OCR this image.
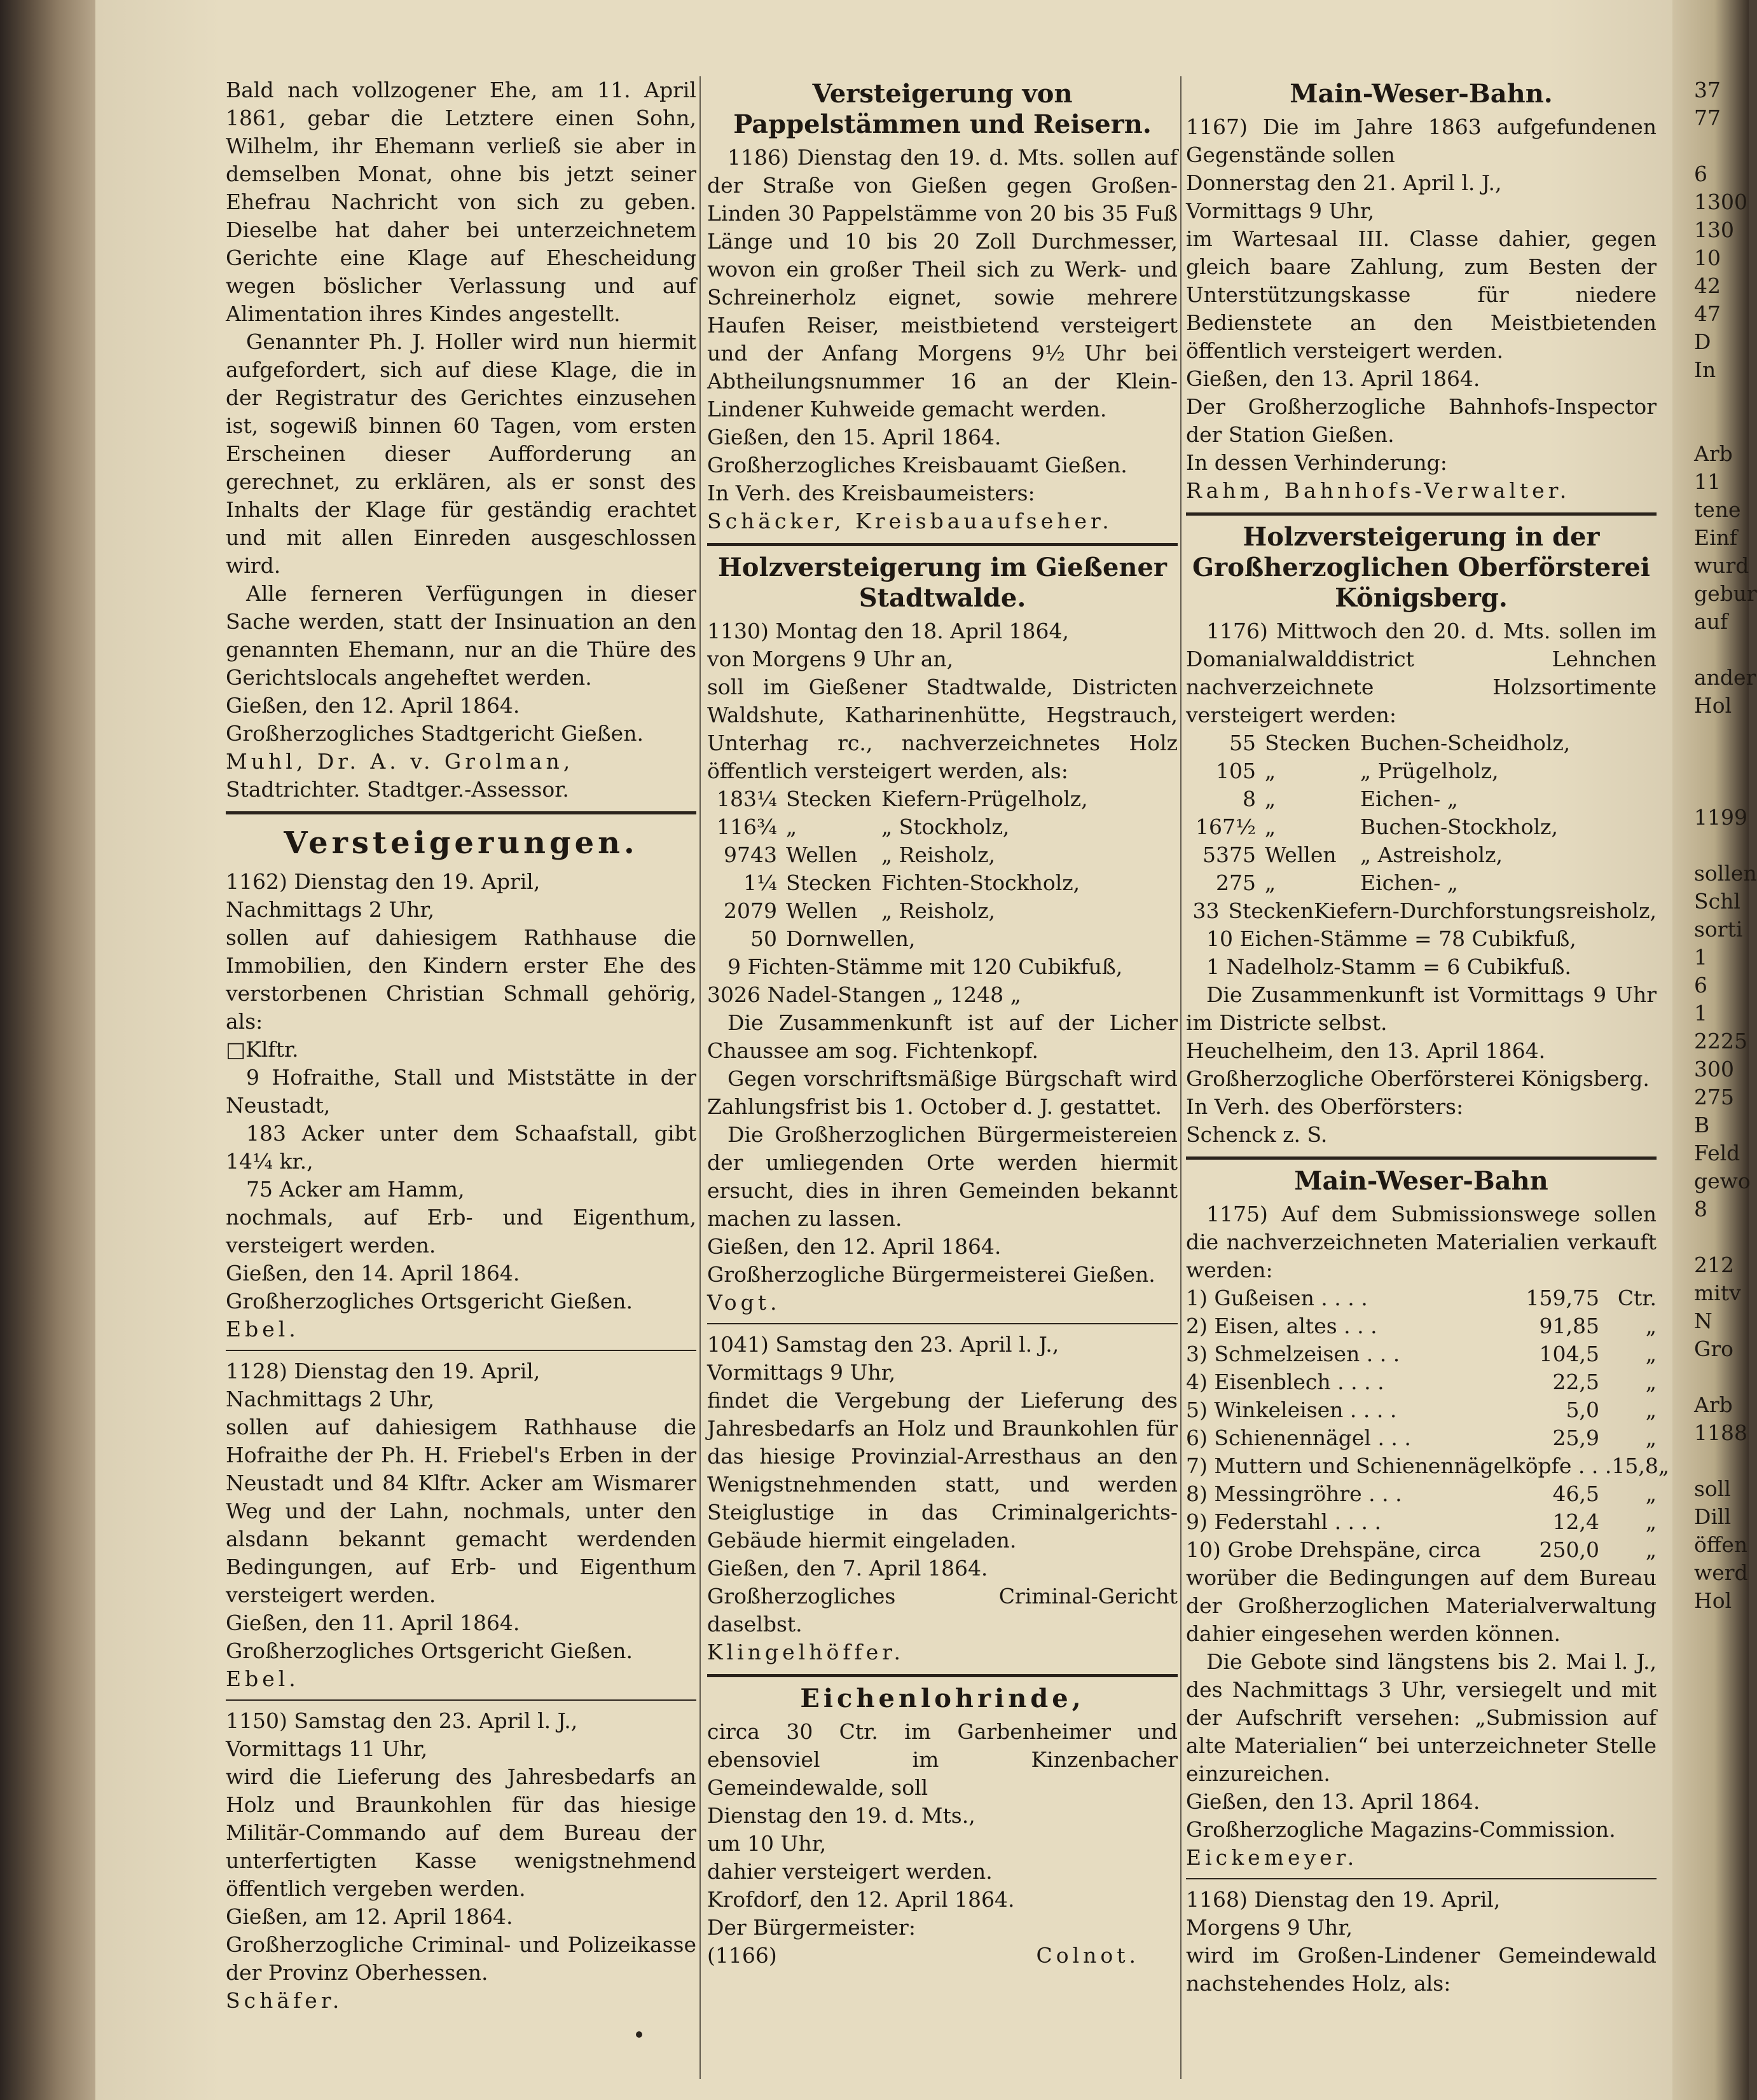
Bald nach vollzogener Ehe, am 11. April 1861, gebar die Letztere einen Sohn, Wilhelm, ihr Ehemann verließ sie aber in demselben Monat, ohne bis jetzt seiner Ehefrau Nachricht von sich zu geben. Dieselbe hat daher bei unterzeichnetem Gerichte eine Klage auf Ehescheidung wegen böslicher Verlassung und auf Alimentation ihres Kindes angestellt.

Genannter Ph. J. Holler wird nun hiermit aufgefordert, sich auf diese Klage, die in der Registratur des Gerichtes einzusehen ist, sogewiß binnen 60 Tagen, vom ersten Erscheinen dieser Aufforderung an gerechnet, zu erklären, als er sonst des Inhalts der Klage für geständig erachtet und mit allen Einreden ausgeschlossen wird.

Alle ferneren Verfügungen in dieser Sache werden, statt der Insinuation an den genannten Ehemann, nur an die Thüre des Gerichtslocals angeheftet werden.

Gießen, den 12. April 1864.

Großherzogliches Stadtgericht Gießen.

Muhl, Dr. A. v. Grolman,

Stadtrichter. Stadtger.-Assessor.

Versteigerungen.

1162) Dienstag den 19. April,

Nachmittags 2 Uhr,

sollen auf dahiesigem Rathhause die Immobilien, den Kindern erster Ehe des verstorbenen Christian Schmall gehörig, als:

□Klftr.

9 Hofraithe, Stall und Miststätte in der Neustadt,

183 Acker unter dem Schaafstall, gibt 14¼ kr.,

75 Acker am Hamm,

nochmals, auf Erb- und Eigenthum, versteigert werden.

Gießen, den 14. April 1864.

Großherzogliches Ortsgericht Gießen.

Ebel.

1128) Dienstag den 19. April,

Nachmittags 2 Uhr,

sollen auf dahiesigem Rathhause die Hofraithe der Ph. H. Friebel's Erben in der Neustadt und 84 Klftr. Acker am Wismarer Weg und der Lahn, nochmals, unter den alsdann bekannt gemacht werdenden Bedingungen, auf Erb- und Eigenthum versteigert werden.

Gießen, den 11. April 1864.

Großherzogliches Ortsgericht Gießen.

Ebel.

1150) Samstag den 23. April l. J.,

Vormittags 11 Uhr,

wird die Lieferung des Jahresbedarfs an Holz und Braunkohlen für das hiesige Militär-Commando auf dem Bureau der unterfertigten Kasse wenigstnehmend öffentlich vergeben werden.

Gießen, am 12. April 1864.

Großherzogliche Criminal- und Polizeikasse der Provinz Oberhessen.

Schäfer.

Versteigerung von Pappelstämmen und Reisern.

1186) Dienstag den 19. d. Mts. sollen auf der Straße von Gießen gegen Großen-Linden 30 Pappelstämme von 20 bis 35 Fuß Länge und 10 bis 20 Zoll Durchmesser, wovon ein großer Theil sich zu Werk- und Schreinerholz eignet, sowie mehrere Haufen Reiser, meistbietend versteigert und der Anfang Morgens 9½ Uhr bei Abtheilungsnummer 16 an der Klein-Lindener Kuhweide gemacht werden.

Gießen, den 15. April 1864.

Großherzogliches Kreisbauamt Gießen.

In Verh. des Kreisbaumeisters:

Schäcker, Kreisbauaufseher.

Holzversteigerung im Gießener Stadtwalde.

1130) Montag den 18. April 1864,

von Morgens 9 Uhr an,

soll im Gießener Stadtwalde, Districten Waldshute, Katharinenhütte, Hegstrauch, Unterhag rc., nachverzeichnetes Holz öffentlich versteigert werden, als:

183¼ Stecken Kiefern-Prügelholz,
116¾ „	„ Stockholz,
9743 Wellen	„ Reisholz,
1¼ Stecken Fichten-Stockholz,
2079 Wellen	„ Reisholz,
50 Dornwellen,

9 Fichten-Stämme mit 120 Cubikfuß,

3026 Nadel-Stangen „ 1248 „

Die Zusammenkunft ist auf der Licher Chaussee am sog. Fichtenkopf.

Gegen vorschriftsmäßige Bürgschaft wird Zahlungsfrist bis 1. October d. J. gestattet.

Die Großherzoglichen Bürgermeistereien der umliegenden Orte werden hiermit ersucht, dies in ihren Gemeinden bekannt machen zu lassen.

Gießen, den 12. April 1864.

Großherzogliche Bürgermeisterei Gießen.

Vogt.

1041) Samstag den 23. April l. J.,

Vormittags 9 Uhr,

findet die Vergebung der Lieferung des Jahresbedarfs an Holz und Braunkohlen für das hiesige Provinzial-Arresthaus an den Wenigstnehmenden statt, und werden Steiglustige in das Criminalgerichts-Gebäude hiermit eingeladen.

Gießen, den 7. April 1864.

Großherzogliches Criminal-Gericht daselbst.

Klingelhöffer.

Eichenlohrinde,

circa 30 Ctr. im Garbenheimer und ebensoviel im Kinzenbacher Gemeindewalde, soll

Dienstag den 19. d. Mts.,

um 10 Uhr,

dahier versteigert werden.

Krofdorf, den 12. April 1864.

Der Bürgermeister:

(1166)	Colnot.
Main-Weser-Bahn.

1167) Die im Jahre 1863 aufgefundenen Gegenstände sollen

Donnerstag den 21. April l. J.,

Vormittags 9 Uhr,

im Wartesaal III. Classe dahier, gegen gleich baare Zahlung, zum Besten der Unterstützungskasse für niedere Bedienstete an den Meistbietenden öffentlich versteigert werden.

Gießen, den 13. April 1864.

Der Großherzogliche Bahnhofs-Inspector der Station Gießen.

In dessen Verhinderung:

Rahm, Bahnhofs-Verwalter.

Holzversteigerung in der Großherzoglichen Oberförsterei Königsberg.

1176) Mittwoch den 20. d. Mts. sollen im Domanialwalddistrict Lehnchen nachverzeichnete Holzsortimente versteigert werden:

55 Stecken Buchen-Scheidholz,
105 „	„ Prügelholz,
8 „	Eichen- „
167½ „	Buchen-Stockholz,
5375 Wellen	„ Astreisholz,
275 „	Eichen- „
33 Stecken Kiefern-Durchforstungsreisholz,

10 Eichen-Stämme = 78 Cubikfuß,

1 Nadelholz-Stamm = 6 Cubikfuß.

Die Zusammenkunft ist Vormittags 9 Uhr im Districte selbst.

Heuchelheim, den 13. April 1864.

Großherzogliche Oberförsterei Königsberg.

In Verh. des Oberförsters:

Schenck z. S.

Main-Weser-Bahn

1175) Auf dem Submissionswege sollen die nachverzeichneten Materialien verkauft werden:

1) Gußeisen . . . .	159,75 Ctr.
2) Eisen, altes . . .	91,85	„
3) Schmelzeisen . . .	104,5	„
4) Eisenblech . . . .	22,5	„
5) Winkeleisen . . . .	5,0	„
6) Schienennägel . . .	25,9	„
7) Muttern und Schienennägelköpfe . . . 15,8 „
8) Messingröhre . . .	46,5	„
9) Federstahl . . . .	12,4	„
10) Grobe Drehspäne, circa	250,0	„

worüber die Bedingungen auf dem Bureau der Großherzoglichen Materialverwaltung dahier eingesehen werden können.

Die Gebote sind längstens bis 2. Mai l. J., des Nachmittags 3 Uhr, versiegelt und mit der Aufschrift versehen: „Submission auf alte Materialien“ bei unterzeichneter Stelle einzureichen.

Gießen, den 13. April 1864.

Großherzogliche Magazins-Commission.

Eickemeyer.

1168) Dienstag den 19. April,

Morgens 9 Uhr,

wird im Großen-Lindener Gemeindewald nachstehendes Holz, als:

37
77
6
1300
130
10
42
47
D
In
Arb
11
tene
Einf
wurd
gebur
auf
ander
Hol
1199
sollen
Schl
sorti
1
6
1
2225
300
275
B
Feld
gewo
8
212
mitv
N
Gro
Arb
1188
soll
Dill
öffen
werd
Hol
